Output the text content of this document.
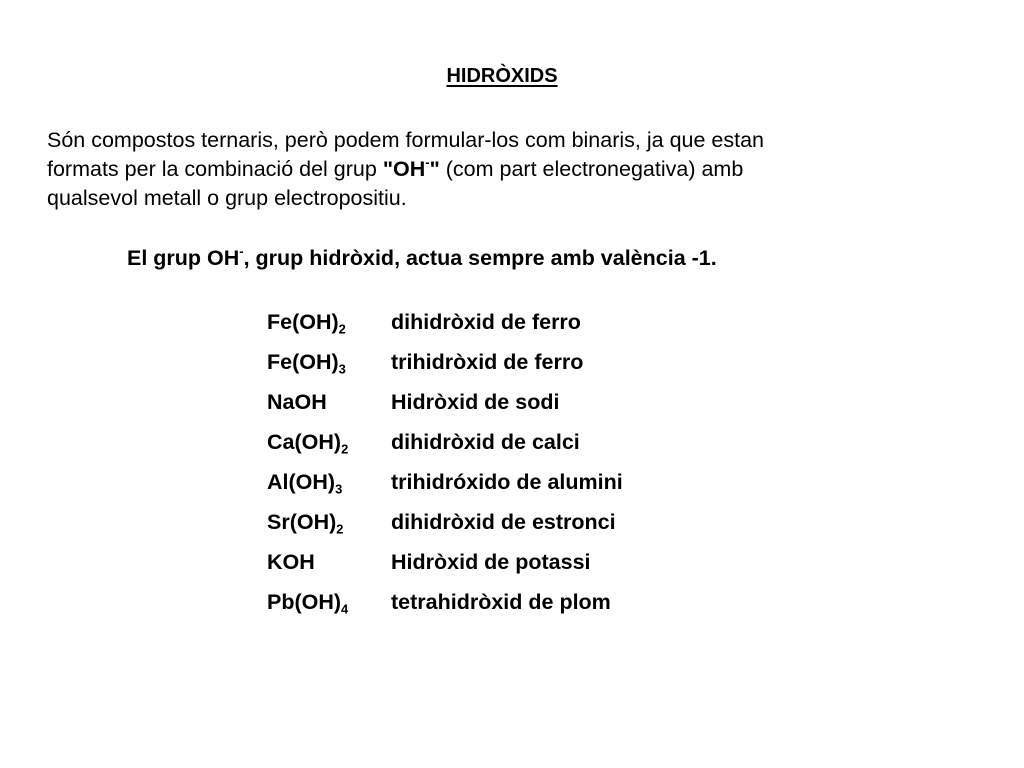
HIDRÒXIDS

Són compostos ternaris, però podem formular-los com binaris, ja que estan

formats per la combinació del grup "OH-" (com part electronegativa) amb

qualsevol metall o grup electropositiu.

El grup OH-, grup hidròxid, actua sempre amb valència -1.
$Fe(OH)_2$	dihidròxid de ferro
$Fe(OH)_3$	trihidròxid de ferro
NaOH	Hidròxid de sodi
$Ca(OH)_2$	dihidròxid de calci
$Al(OH)_3$	trihidróxido de alumini
$Sr(OH)_2$	dihidròxid de estronci
KOH	Hidròxid de potassi
$Pb(OH)_4$	tetrahidròxid de plom
